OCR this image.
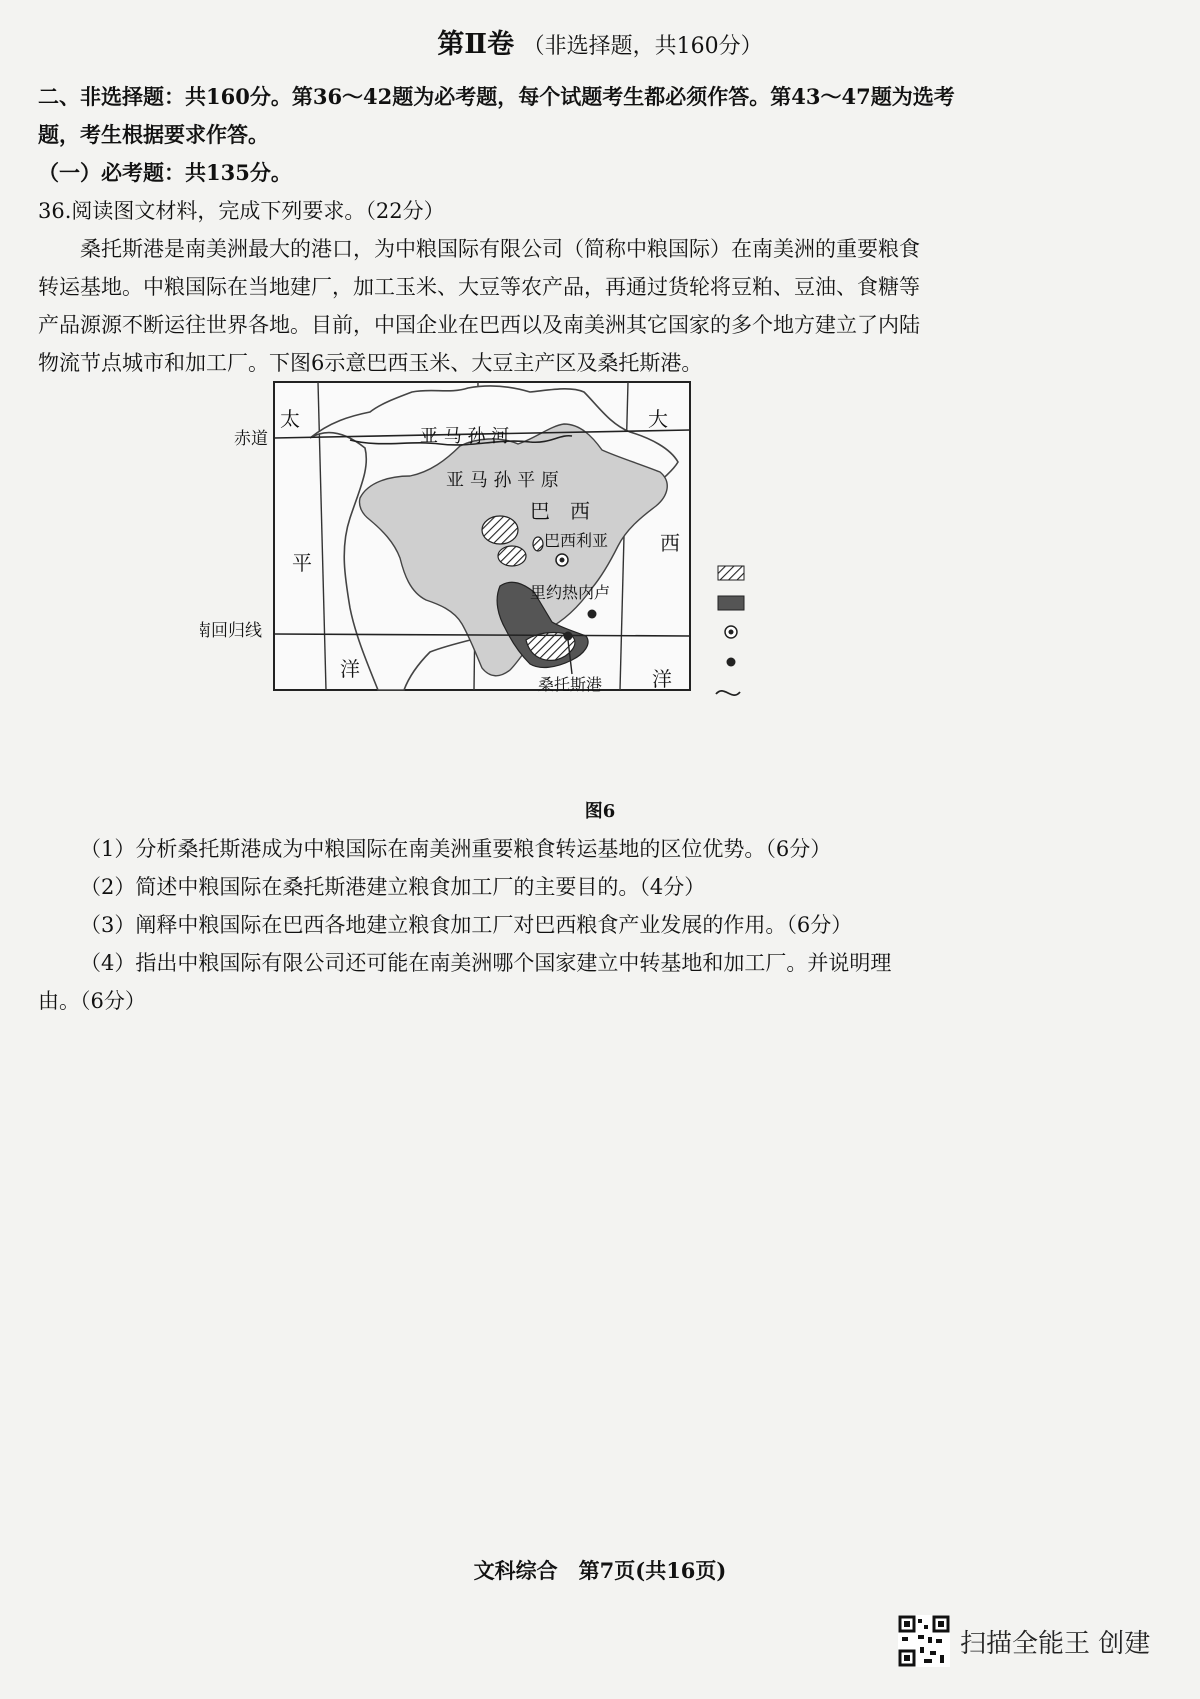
第Ⅱ卷 （非选择题，共160分）
二、非选择题：共160分。第36～42题为必考题，每个试题考生都必须作答。第43～47题为选考
题，考生根据要求作答。
（一）必考题：共135分。
36.阅读图文材料，完成下列要求。（22分）
桑托斯港是南美洲最大的港口，为中粮国际有限公司（简称中粮国际）在南美洲的重要粮食
转运基地。中粮国际在当地建厂，加工玉米、大豆等农产品，再通过货轮将豆粕、豆油、食糖等
产品源源不断运往世界各地。目前，中国企业在巴西以及南美洲其它国家的多个地方建立了内陆
物流节点城市和加工厂。下图6示意巴西玉米、大豆主产区及桑托斯港。
赤道
南回归线
太
平
洋
大
西
洋
亚 马 孙 河
亚 马 孙 平 原
巴　西
巴西利亚
里约热内卢
桑托斯港
图6
（1）分析桑托斯港成为中粮国际在南美洲重要粮食转运基地的区位优势。（6分）
（2）简述中粮国际在桑托斯港建立粮食加工厂的主要目的。（4分）
（3）阐释中粮国际在巴西各地建立粮食加工厂对巴西粮食产业发展的作用。（6分）
（4）指出中粮国际有限公司还可能在南美洲哪个国家建立中转基地和加工厂。并说明理
由。（6分）
文科综合　第7页(共16页)
扫描全能王 创建
